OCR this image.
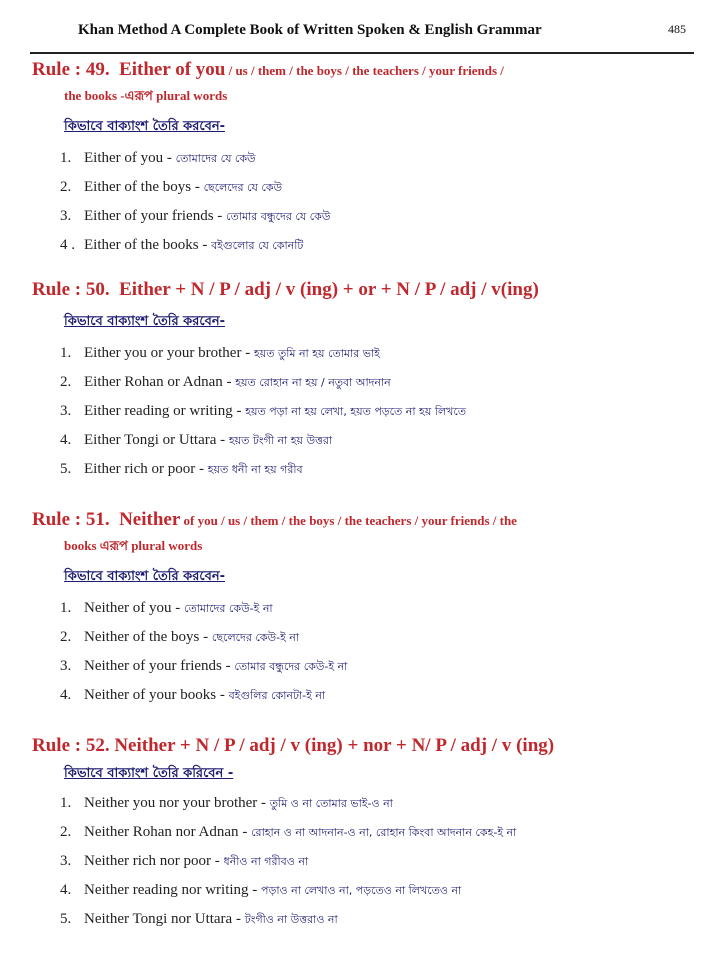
Khan Method A Complete Book of Written Spoken & English Grammar	485
Rule : 49. Either of you / us / them / the boys / the teachers / your friends /
the books -এরূপ plural words
কিভাবে বাক্যাংশ তৈরি করবেন-
1. Either of you - তোমাদের যে কেউ
2. Either of the boys - ছেলেদের যে কেউ
3. Either of your friends - তোমার বন্ধুদের যে কেউ
4 . Either of the books - বইগুলোর যে কোনটি
Rule : 50. Either + N / P / adj / v (ing) + or + N / P / adj / v(ing)
কিভাবে বাক্যাংশ তৈরি করবেন-
1. Either you or your brother - হয়ত তুমি না হয় তোমার ভাই
2. Either Rohan or Adnan - হয়ত রোহান না হয় / নতুবা আদনান
3. Either reading or writing - হয়ত পড়া না হয় লেখা, হয়ত পড়তে না হয় লিখতে
4. Either Tongi or Uttara - হয়ত টংগী না হয় উত্তরা
5. Either rich or poor - হয়ত ধনী না হয় গরীব
Rule : 51. Neither of you / us / them / the boys / the teachers / your friends / the
books এরূপ plural words
কিভাবে বাক্যাংশ তৈরি করবেন-
1. Neither of you - তোমাদের কেউ-ই না
2. Neither of the boys - ছেলেদের কেউ-ই না
3. Neither of your friends - তোমার বন্ধুদের কেউ-ই না
4. Neither of your books - বইগুলির কোনটা-ই না
Rule : 52. Neither + N / P / adj / v (ing) + nor + N/ P / adj / v (ing)
কিভাবে বাক্যাংশ তৈরি করিবেন -
1. Neither you nor your brother - তুমি ও না তোমার ভাই-ও না
2. Neither Rohan nor Adnan - রোহান ও না আদনান-ও না, রোহান কিংবা আদনান কেহ-ই না
3. Neither rich nor poor - ধনীও না গরীবও না
4. Neither reading nor writing - পড়াও না লেখাও না, পড়তেও না লিখতেও না
5. Neither Tongi nor Uttara - টংগীও না উত্তরাও না
